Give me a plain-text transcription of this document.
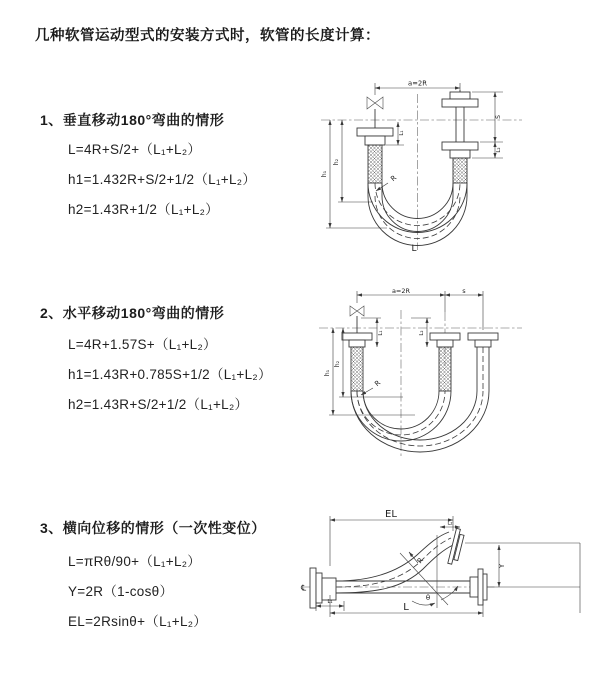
几种软管运动型式的安装方式时，软管的长度计算：
1、垂直移动180°弯曲的情形
L=4R+S/2+（L₁+L₂）
h1=1.432R+S/2+1/2（L₁+L₂）
h2=1.43R+1/2（L₁+L₂）
2、水平移动180°弯曲的情形
L=4R+1.57S+（L₁+L₂）
h1=1.43R+0.785S+1/2（L₁+L₂）
h2=1.43R+S/2+1/2（L₁+L₂）
3、横向位移的情形（一次性变位）
L=πRθ/90+（L₁+L₂）
Y=2R（1-cosθ）
EL=2Rsinθ+（L₁+L₂）
a=2R
L₁
S
L₂
h₁
h₂
R
L
a=2R	s
L₁	L₂
h₁
h₂
R
EL
L₂
℄
Y
θ
R
L₁	L
